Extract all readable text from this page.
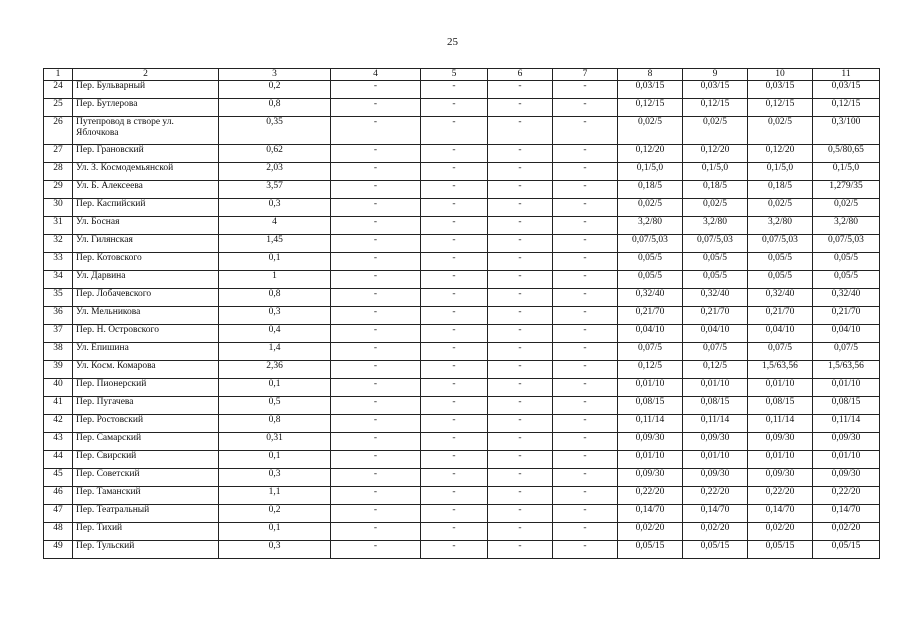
25
1	2	3	4	5	6	7	8	9	10	11
24	Пер. Бульварный	0,2	-	-	-	-	0,03/15	0,03/15	0,03/15	0,03/15
25	Пер. Бутлерова	0,8	-	-	-	-	0,12/15	0,12/15	0,12/15	0,12/15
26	Путепровод в створе ул. Яблочкова	0,35	-	-	-	-	0,02/5	0,02/5	0,02/5	0,3/100
27	Пер. Грановский	0,62	-	-	-	-	0,12/20	0,12/20	0,12/20	0,5/80,65
28	Ул. З. Космодемьянской	2,03	-	-	-	-	0,1/5,0	0,1/5,0	0,1/5,0	0,1/5,0
29	Ул. Б. Алексеева	3,57	-	-	-	-	0,18/5	0,18/5	0,18/5	1,279/35
30	Пер. Каспийский	0,3	-	-	-	-	0,02/5	0,02/5	0,02/5	0,02/5
31	Ул. Босная	4	-	-	-	-	3,2/80	3,2/80	3,2/80	3,2/80
32	Ул. Гилянская	1,45	-	-	-	-	0,07/5,03	0,07/5,03	0,07/5,03	0,07/5,03
33	Пер. Котовского	0,1	-	-	-	-	0,05/5	0,05/5	0,05/5	0,05/5
34	Ул. Дарвина	1	-	-	-	-	0,05/5	0,05/5	0,05/5	0,05/5
35	Пер. Лобачевского	0,8	-	-	-	-	0,32/40	0,32/40	0,32/40	0,32/40
36	Ул. Мельникова	0,3	-	-	-	-	0,21/70	0,21/70	0,21/70	0,21/70
37	Пер. Н. Островского	0,4	-	-	-	-	0,04/10	0,04/10	0,04/10	0,04/10
38	Ул. Епишина	1,4	-	-	-	-	0,07/5	0,07/5	0,07/5	0,07/5
39	Ул. Косм. Комарова	2,36	-	-	-	-	0,12/5	0,12/5	1,5/63,56	1,5/63,56
40	Пер. Пионерский	0,1	-	-	-	-	0,01/10	0,01/10	0,01/10	0,01/10
41	Пер. Пугачева	0,5	-	-	-	-	0,08/15	0,08/15	0,08/15	0,08/15
42	Пер. Ростовский	0,8	-	-	-	-	0,11/14	0,11/14	0,11/14	0,11/14
43	Пер. Самарский	0,31	-	-	-	-	0,09/30	0,09/30	0,09/30	0,09/30
44	Пер. Свирский	0,1	-	-	-	-	0,01/10	0,01/10	0,01/10	0,01/10
45	Пер. Советский	0,3	-	-	-	-	0,09/30	0,09/30	0,09/30	0,09/30
46	Пер. Таманский	1,1	-	-	-	-	0,22/20	0,22/20	0,22/20	0,22/20
47	Пер. Театральный	0,2	-	-	-	-	0,14/70	0,14/70	0,14/70	0,14/70
48	Пер. Тихий	0,1	-	-	-	-	0,02/20	0,02/20	0,02/20	0,02/20
49	Пер. Тульский	0,3	-	-	-	-	0,05/15	0,05/15	0,05/15	0,05/15
